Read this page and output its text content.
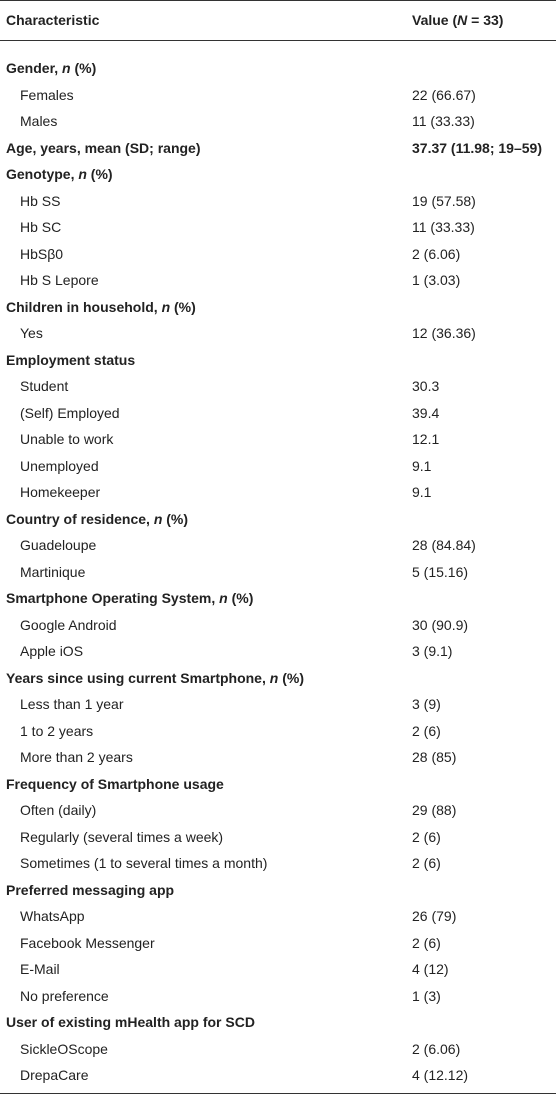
Characteristic	Value (N = 33)
Gender, n (%)
Females	22 (66.67)
Males	11 (33.33)
Age, years, mean (SD; range)	37.37 (11.98; 19–59)
Genotype, n (%)
Hb SS	19 (57.58)
Hb SC	11 (33.33)
HbSβ0	2 (6.06)
Hb S Lepore	1 (3.03)
Children in household, n (%)
Yes	12 (36.36)
Employment status
Student	30.3
(Self) Employed	39.4
Unable to work	12.1
Unemployed	9.1
Homekeeper	9.1
Country of residence, n (%)
Guadeloupe	28 (84.84)
Martinique	5 (15.16)
Smartphone Operating System, n (%)
Google Android	30 (90.9)
Apple iOS	3 (9.1)
Years since using current Smartphone, n (%)
Less than 1 year	3 (9)
1 to 2 years	2 (6)
More than 2 years	28 (85)
Frequency of Smartphone usage
Often (daily)	29 (88)
Regularly (several times a week)	2 (6)
Sometimes (1 to several times a month)	2 (6)
Preferred messaging app
WhatsApp	26 (79)
Facebook Messenger	2 (6)
E-Mail	4 (12)
No preference	1 (3)
User of existing mHealth app for SCD
SickleOScope	2 (6.06)
DrepaCare	4 (12.12)
